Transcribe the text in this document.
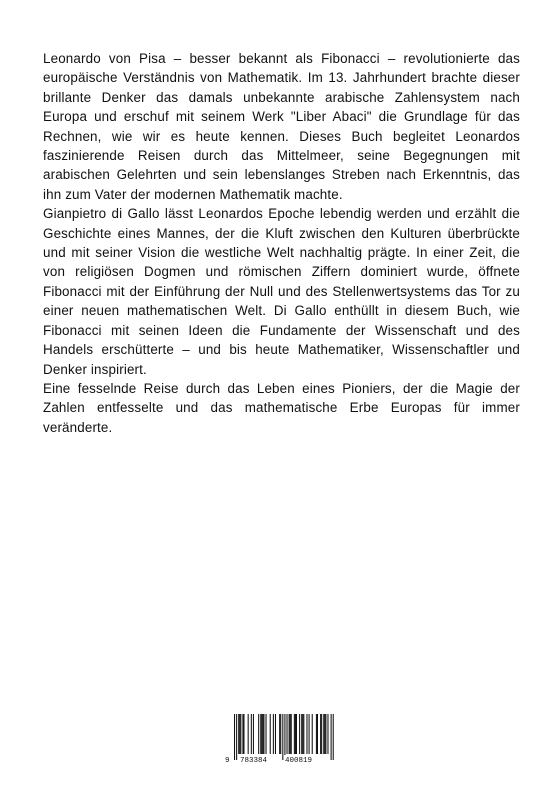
Leonardo von Pisa – besser bekannt als Fibonacci – revolutionierte das europäische Verständnis von Mathematik. Im 13. Jahrhundert brachte dieser brillante Denker das damals unbekannte arabische Zahlensystem nach Europa und erschuf mit seinem Werk "Liber Abaci" die Grundlage für das Rechnen, wie wir es heute kennen. Dieses Buch begleitet Leonardos faszinierende Reisen durch das Mittelmeer, seine Begegnungen mit arabischen Gelehrten und sein lebenslanges Streben nach Erkenntnis, das ihn zum Vater der modernen Mathematik machte.

Gianpietro di Gallo lässt Leonardos Epoche lebendig werden und erzählt die Geschichte eines Mannes, der die Kluft zwischen den Kulturen überbrückte und mit seiner Vision die westliche Welt nachhaltig prägte. In einer Zeit, die von religiösen Dogmen und römischen Ziffern dominiert wurde, öffnete Fibonacci mit der Einführung der Null und des Stellenwertsystems das Tor zu einer neuen mathematischen Welt. Di Gallo enthüllt in diesem Buch, wie Fibonacci mit seinen Ideen die Fundamente der Wissenschaft und des Handels erschütterte – und bis heute Mathematiker, Wissenschaftler und Denker inspiriert.

Eine fesselnde Reise durch das Leben eines Pioniers, der die Magie der Zahlen entfesselte und das mathematische Erbe Europas für immer veränderte.

9 783384 400819
